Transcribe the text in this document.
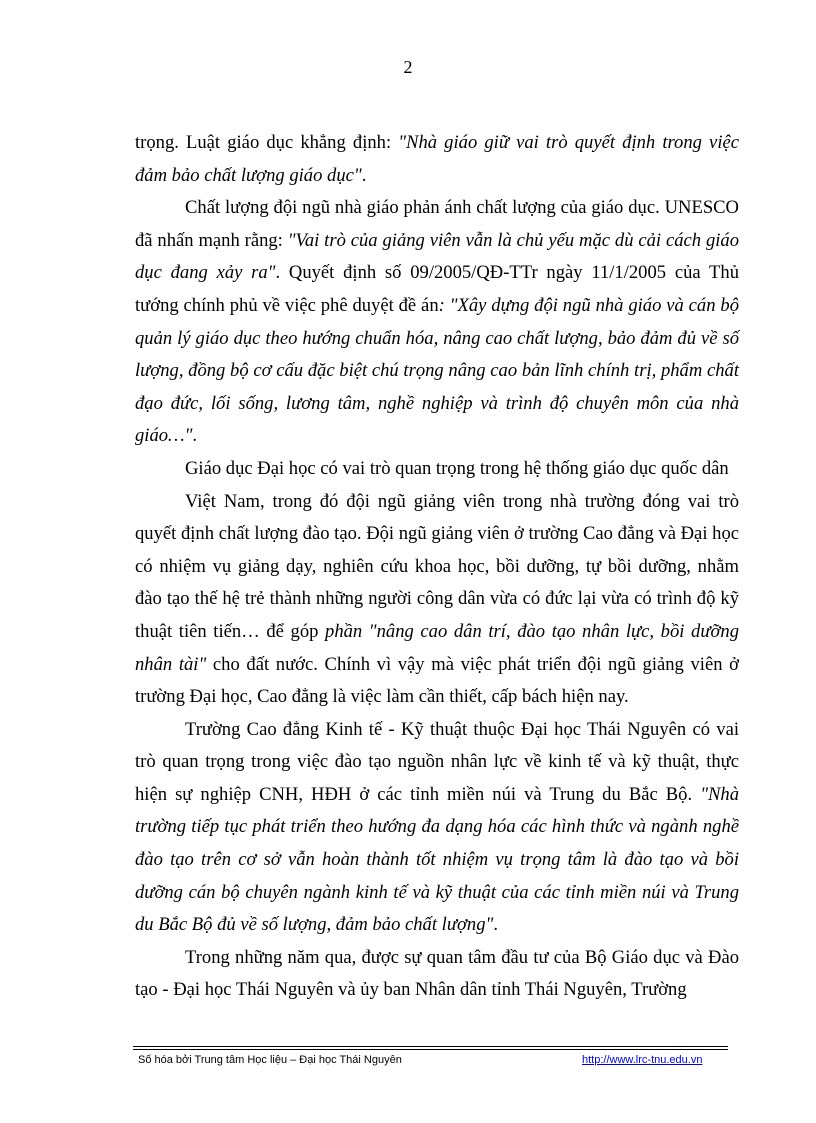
2

trọng. Luật giáo dục khẳng định: "Nhà giáo giữ vai trò quyết định trong việc đảm bảo chất lượng giáo dục".

Chất lượng đội ngũ nhà giáo phản ánh chất lượng của giáo dục. UNESCO đã nhấn mạnh rằng: "Vai trò của giảng viên vẫn là chủ yếu mặc dù cải cách giáo dục đang xảy ra". Quyết định số 09/2005/QĐ-TTr ngày 11/1/2005 của Thủ tướng chính phủ về việc phê duyệt đề án: "Xây dựng đội ngũ nhà giáo và cán bộ quản lý giáo dục theo hướng chuẩn hóa, nâng cao chất lượng, bảo đảm đủ về số lượng, đồng bộ cơ cấu đặc biệt chú trọng nâng cao bản lĩnh chính trị, phẩm chất đạo đức, lối sống, lương tâm, nghề nghiệp và trình độ chuyên môn của nhà giáo…".

Giáo dục Đại học có vai trò quan trọng trong hệ thống giáo dục quốc dân

Việt Nam, trong đó đội ngũ giảng viên trong nhà trường đóng vai trò quyết định chất lượng đào tạo. Đội ngũ giảng viên ở trường Cao đẳng và Đại học có nhiệm vụ giảng dạy, nghiên cứu khoa học, bồi dưỡng, tự bồi dưỡng, nhằm đào tạo thế hệ trẻ thành những người công dân vừa có đức lại vừa có trình độ kỹ thuật tiên tiến… để góp phần "nâng cao dân trí, đào tạo nhân lực, bồi dưỡng nhân tài" cho đất nước. Chính vì vậy mà việc phát triển đội ngũ giảng viên ở trường Đại học, Cao đẳng là việc làm cần thiết, cấp bách hiện nay.

Trường Cao đẳng Kinh tế - Kỹ thuật thuộc Đại học Thái Nguyên có vai trò quan trọng trong việc đào tạo nguồn nhân lực về kinh tế và kỹ thuật, thực hiện sự nghiệp CNH, HĐH ở các tỉnh miền núi và Trung du Bắc Bộ. "Nhà trường tiếp tục phát triển theo hướng đa dạng hóa các hình thức và ngành nghề đào tạo trên cơ sở vẫn hoàn thành tốt nhiệm vụ trọng tâm là đào tạo và bồi dưỡng cán bộ chuyên ngành kinh tế và kỹ thuật của các tỉnh miền núi và Trung du Bắc Bộ đủ về số lượng, đảm bảo chất lượng".

Trong những năm qua, được sự quan tâm đầu tư của Bộ Giáo dục và Đào tạo - Đại học Thái Nguyên và ủy ban Nhân dân tỉnh Thái Nguyên, Trường

Số hóa bởi Trung tâm Học liệu – Đại học Thái Nguyên	http://www.lrc-tnu.edu.vn
